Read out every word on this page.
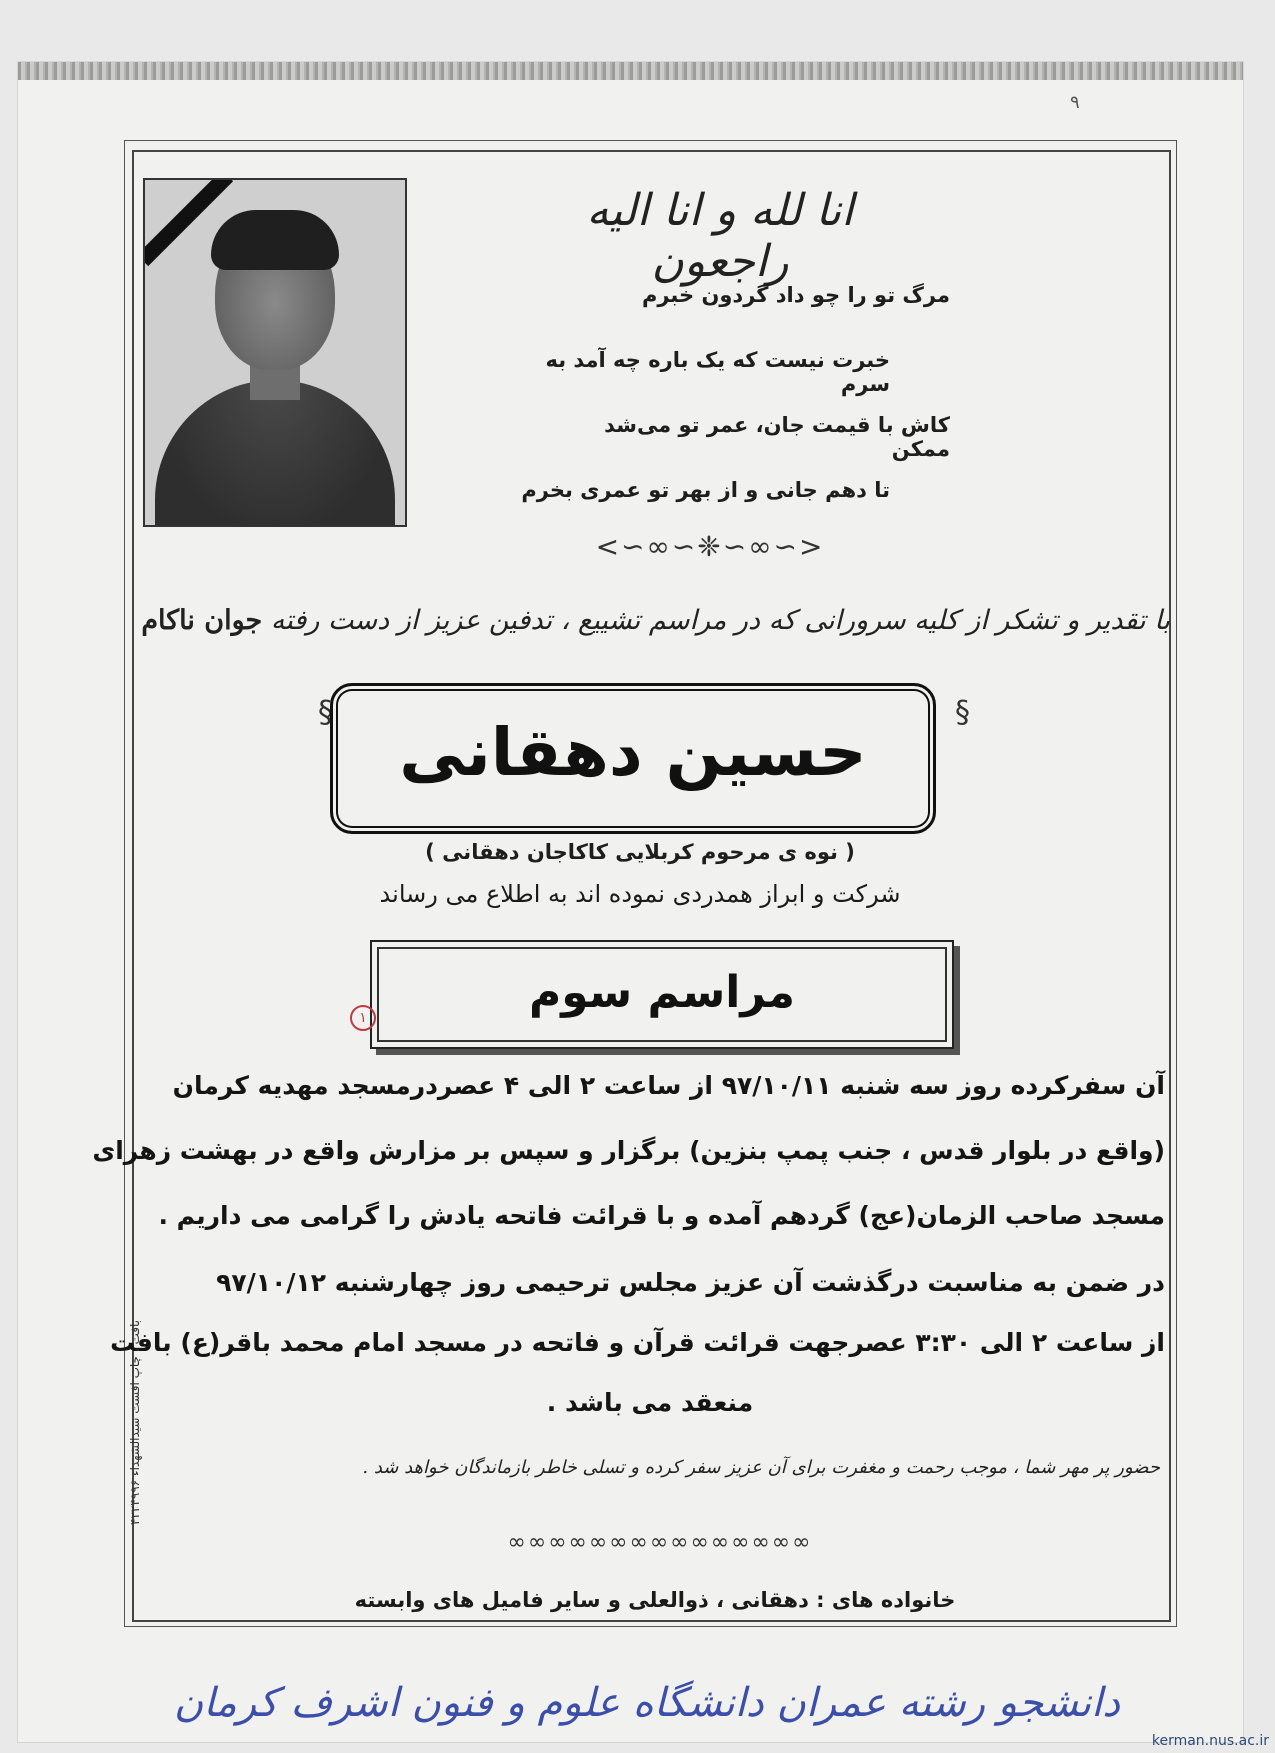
۹
انا لله و انا الیه راجعون
مرگ تو را چو داد گردون خبرم
خبرت نیست که یک باره چه آمد به سرم
کاش با قیمت جان، عمر تو می‌شد ممکن
تا دهم جانی و از بهر تو عمری بخرم
<∽∞∽❈∽∞∽>
با تقدیر و تشکر از کلیه سرورانی که در مراسم تشییع ، تدفین عزیز از دست رفته جوان ناکام
§	§
حسین دهقانی
( نوه ی مرحوم کربلایی کاکاجان دهقانی )
شرکت و ابراز همدردی نموده اند به اطلاع می رساند
مراسم سوم
۱
آن سفرکرده روز سه شنبه ۹۷/۱۰/۱۱ از ساعت ۲ الی ۴ عصردرمسجد مهدیه کرمان
(واقع در بلوار قدس ، جنب پمپ بنزین) برگزار و سپس بر مزارش واقع در بهشت زهرای
مسجد صاحب الزمان(عج) گردهم آمده و با قرائت فاتحه یادش را گرامی می داریم .
در ضمن به مناسبت درگذشت آن عزیز مجلس ترحیمی روز چهارشنبه ۹۷/۱۰/۱۲
از ساعت ۲ الی ۳:۳۰ عصرجهت قرائت قرآن و فاتحه در مسجد امام محمد باقر(ع) بافت
منعقد می باشد .
حضور پر مهر شما ، موجب رحمت و مغفرت برای آن عزیز سفر کرده و تسلی خاطر بازماندگان خواهد شد .
∞∞∞∞∞∞∞∞∞∞∞∞∞∞∞
خانواده های : دهقانی ، ذوالعلی و سایر فامیل های وابسته
بافت ، چاپ افست سیدالشهداء ۴۲۲۴۹۹۶
دانشجو رشته عمران دانشگاه علوم و فنون اشرف کرمان
kerman.nus.ac.ir
